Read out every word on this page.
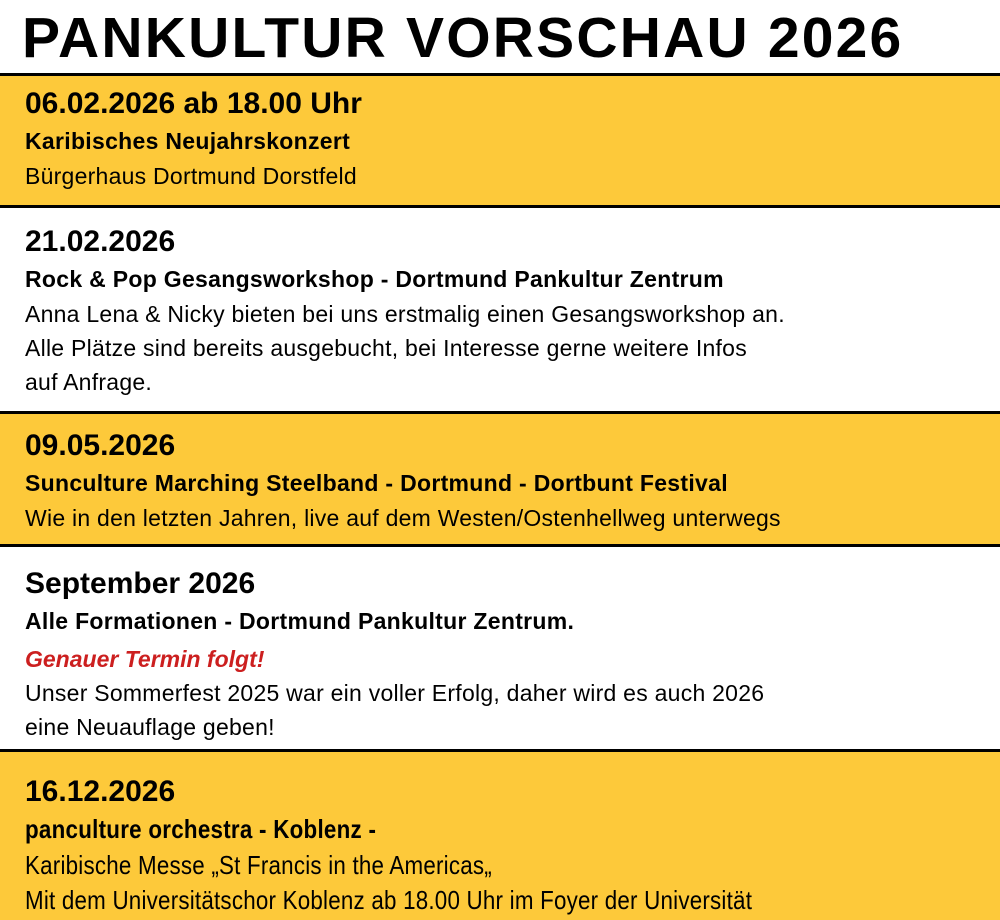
PANKULTUR VORSCHAU 2026
06.02.2026 ab 18.00 Uhr
Karibisches Neujahrskonzert
Bürgerhaus Dortmund Dorstfeld
21.02.2026
Rock & Pop Gesangsworkshop - Dortmund Pankultur Zentrum
Anna Lena & Nicky bieten bei uns erstmalig einen Gesangsworkshop an.
Alle Plätze sind bereits ausgebucht, bei Interesse gerne weitere Infos
auf Anfrage.
09.05.2026
Sunculture Marching Steelband - Dortmund - Dortbunt Festival
Wie in den letzten Jahren, live auf dem Westen/Ostenhellweg unterwegs
September 2026
Alle Formationen - Dortmund Pankultur Zentrum.
Genauer Termin folgt!
Unser Sommerfest 2025 war ein voller Erfolg, daher wird es auch 2026
eine Neuauflage geben!
16.12.2026
panculture orchestra - Koblenz -
Karibische Messe „St Francis in the Americas„
Mit dem Universitätschor Koblenz ab 18.00 Uhr im Foyer der Universität
